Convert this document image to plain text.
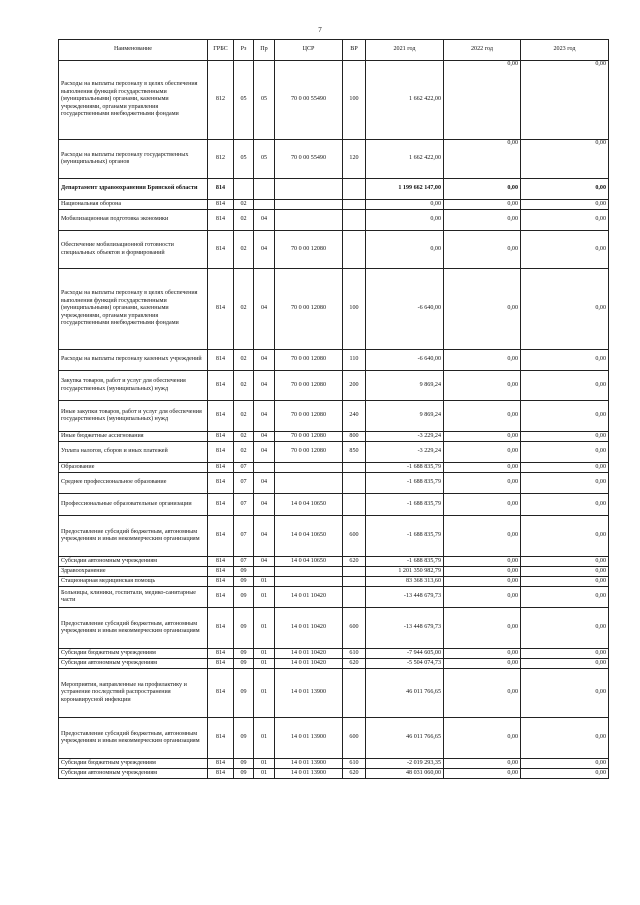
7
Наименование	ГРБС	Рз	Пр	ЦСР	ВР	2021 год	2022 год	2023 год
Расходы на выплаты персоналу в целях обеспечения выполнения функций государственными (муниципальными) органами, казенными учреждениями, органами управления государственными внебюджетными фондами	812	05	05	70 0 00 55490	100	1 662 422,00	0,00	0,00
Расходы на выплаты персоналу государственных (муниципальных) органов	812	05	05	70 0 00 55490	120	1 662 422,00	0,00	0,00
Департамент здравоохранения Брянской области	814					1 199 662 147,00	0,00	0,00
Национальная оборона	814	02				0,00	0,00	0,00
Мобилизационная подготовка экономики	814	02	04			0,00	0,00	0,00
Обеспечение мобилизационной готовности специальных объектов и формирований	814	02	04	70 0 00 12080		0,00	0,00	0,00
Расходы на выплаты персоналу в целях обеспечения выполнения функций государственными (муниципальными) органами, казенными учреждениями, органами управления государственными внебюджетными фондами	814	02	04	70 0 00 12080	100	-6 640,00	0,00	0,00
Расходы на выплаты персоналу казенных учреждений	814	02	04	70 0 00 12080	110	-6 640,00	0,00	0,00
Закупка товаров, работ и услуг для обеспечения государственных (муниципальных) нужд	814	02	04	70 0 00 12080	200	9 869,24	0,00	0,00
Иные закупки товаров, работ и услуг для обеспечения государственных (муниципальных) нужд	814	02	04	70 0 00 12080	240	9 869,24	0,00	0,00
Иные бюджетные ассигнования	814	02	04	70 0 00 12080	800	-3 229,24	0,00	0,00
Уплата налогов, сборов и иных платежей	814	02	04	70 0 00 12080	850	-3 229,24	0,00	0,00
Образование	814	07				-1 688 835,79	0,00	0,00
Среднее профессиональное образование	814	07	04			-1 688 835,79	0,00	0,00
Профессиональные образовательные организации	814	07	04	14 0 04 10650		-1 688 835,79	0,00	0,00
Предоставление субсидий бюджетным, автономным учреждениям и иным некоммерческим организациям	814	07	04	14 0 04 10650	600	-1 688 835,79	0,00	0,00
Субсидии автономным учреждениям	814	07	04	14 0 04 10650	620	-1 688 835,79	0,00	0,00
Здравоохранение	814	09				1 201 350 982,79	0,00	0,00
Стационарная медицинская помощь	814	09	01			83 368 313,60	0,00	0,00
Больницы, клиники, госпитали, медико-санитарные части	814	09	01	14 0 01 10420		-13 448 679,73	0,00	0,00
Предоставление субсидий бюджетным, автономным учреждениям и иным некоммерческим организациям	814	09	01	14 0 01 10420	600	-13 448 679,73	0,00	0,00
Субсидии бюджетным учреждениям	814	09	01	14 0 01 10420	610	-7 944 605,00	0,00	0,00
Субсидии автономным учреждениям	814	09	01	14 0 01 10420	620	-5 504 074,73	0,00	0,00
Мероприятия, направленные на профилактику и устранение последствий распространения коронавирусной инфекции	814	09	01	14 0 01 13900		46 011 766,65	0,00	0,00
Предоставление субсидий бюджетным, автономным учреждениям и иным некоммерческим организациям	814	09	01	14 0 01 13900	600	46 011 766,65	0,00	0,00
Субсидии бюджетным учреждениям	814	09	01	14 0 01 13900	610	-2 019 293,35	0,00	0,00
Субсидии автономным учреждениям	814	09	01	14 0 01 13900	620	48 031 060,00	0,00	0,00
